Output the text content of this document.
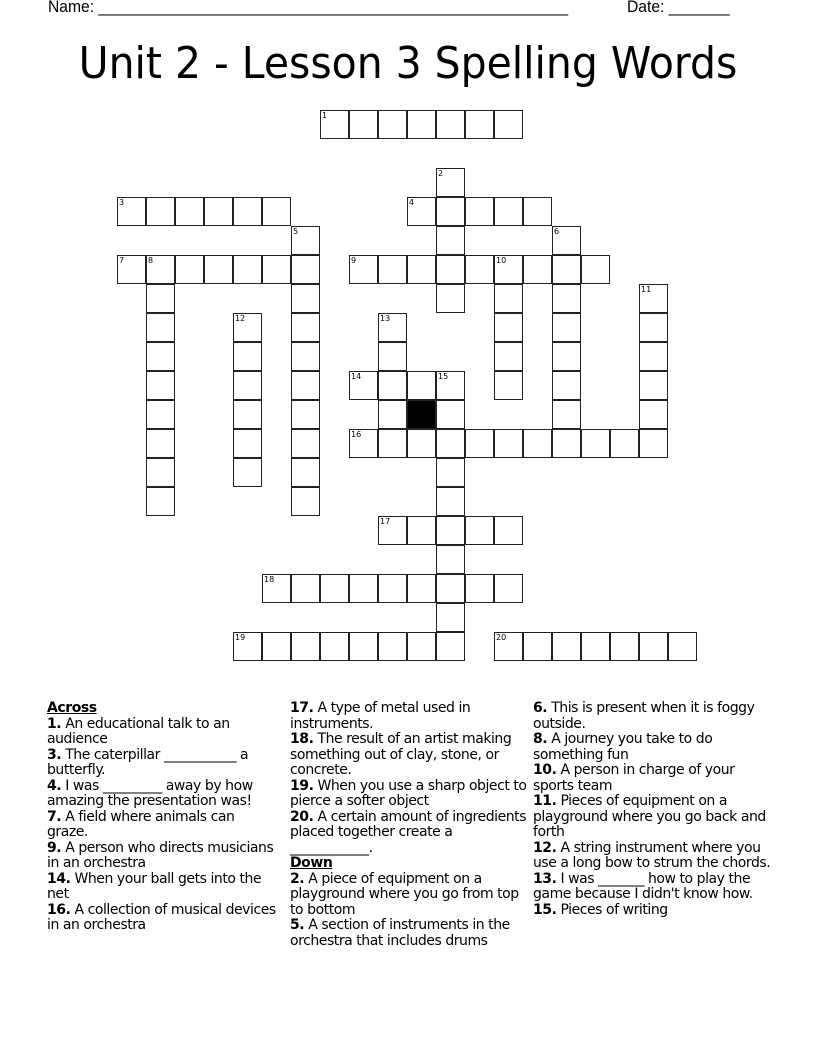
Name: ______________________________________________________	Date: _______
Unit 2 - Lesson 3 Spelling Words
1
2
3	4
5	6
7	8	9	10
11
12	13
14	15
16
17
18
19	20
Across
1. An educational talk to an audience
3. The caterpillar ___________ a butterfly.
4. I was _________ away by how amazing the presentation was!
7. A field where animals can graze.
9. A person who directs musicians in an orchestra
14. When your ball gets into the net
16. A collection of musical devices in an orchestra
17. A type of metal used in instruments.
18. The result of an artist making something out of clay, stone, or concrete.
19. When you use a sharp object to pierce a softer object
20. A certain amount of ingredients placed together create a ____________.
Down
2. A piece of equipment on a playground where you go from top to bottom
5. A section of instruments in the orchestra that includes drums
6. This is present when it is foggy outside.
8. A journey you take to do something fun
10. A person in charge of your sports team
11. Pieces of equipment on a playground where you go back and forth
12. A string instrument where you use a long bow to strum the chords.
13. I was _______ how to play the game because I didn't know how.
15. Pieces of writing
